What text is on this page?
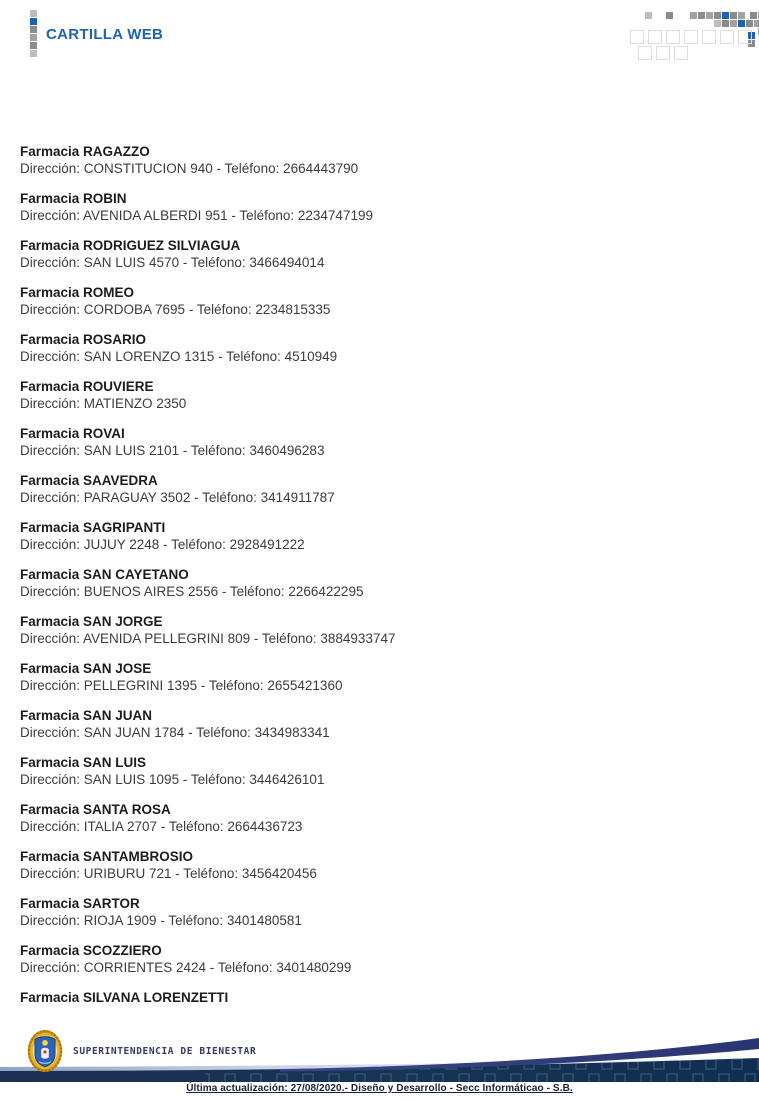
CARTILLA WEB
Farmacia RAGAZZO
Dirección: CONSTITUCION 940 - Teléfono: 2664443790
Farmacia ROBIN
Dirección: AVENIDA ALBERDI 951 - Teléfono: 2234747199
Farmacia RODRIGUEZ SILVIAGUA
Dirección: SAN LUIS 4570 - Teléfono: 3466494014
Farmacia ROMEO
Dirección: CORDOBA 7695 - Teléfono: 2234815335
Farmacia ROSARIO
Dirección: SAN LORENZO 1315 - Teléfono: 4510949
Farmacia ROUVIERE
Dirección: MATIENZO 2350
Farmacia ROVAI
Dirección: SAN LUIS 2101 - Teléfono: 3460496283
Farmacia SAAVEDRA
Dirección: PARAGUAY 3502 - Teléfono: 3414911787
Farmacia SAGRIPANTI
Dirección: JUJUY 2248 - Teléfono: 2928491222
Farmacia SAN CAYETANO
Dirección: BUENOS AIRES 2556 - Teléfono: 2266422295
Farmacia SAN JORGE
Dirección: AVENIDA PELLEGRINI 809 - Teléfono: 3884933747
Farmacia SAN JOSE
Dirección: PELLEGRINI 1395 - Teléfono: 2655421360
Farmacia SAN JUAN
Dirección: SAN JUAN 1784 - Teléfono: 3434983341
Farmacia SAN LUIS
Dirección: SAN LUIS 1095 - Teléfono: 3446426101
Farmacia SANTA ROSA
Dirección: ITALIA 2707 - Teléfono: 2664436723
Farmacia SANTAMBROSIO
Dirección: URIBURU 721 - Teléfono: 3456420456
Farmacia SARTOR
Dirección: RIOJA 1909 - Teléfono: 3401480581
Farmacia SCOZZIERO
Dirección: CORRIENTES 2424 - Teléfono: 3401480299
Farmacia SILVANA LORENZETTI
SUPERINTENDENCIA DE BIENESTAR
Última actualización: 27/08/2020.- Diseño y Desarrollo - Secc Informáticao - S.B.
